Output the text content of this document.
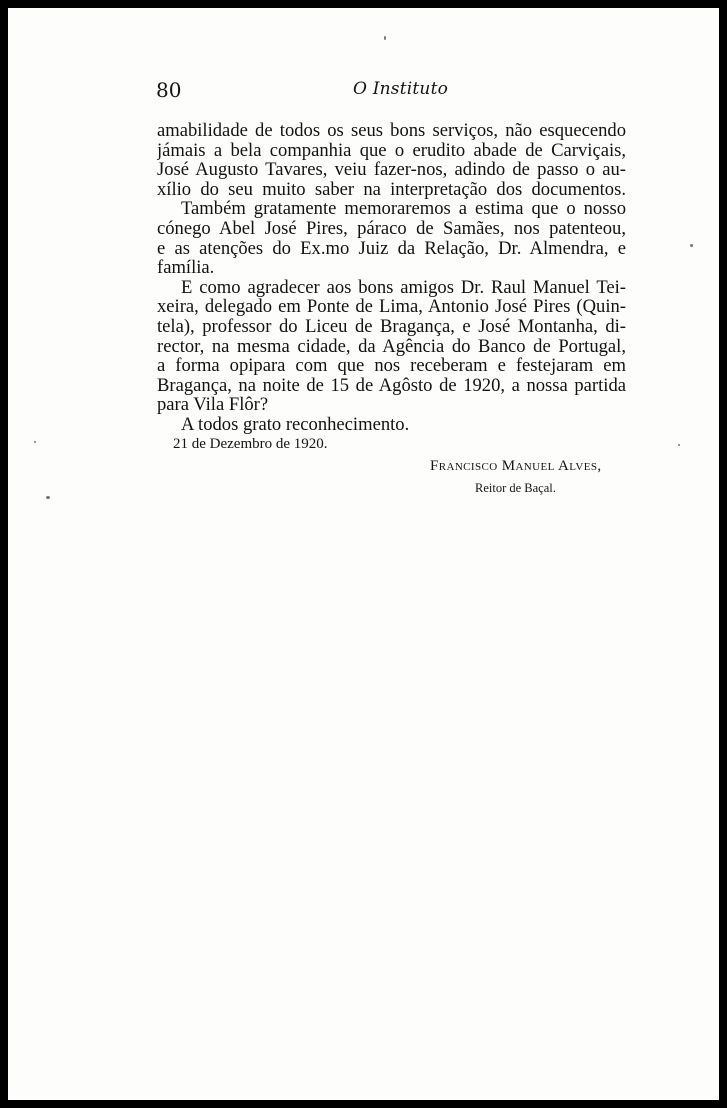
80	O Instituto
amabilidade de todos os seus bons serviços, não esquecendo
jámais a bela companhia que o erudito abade de Carviçais,
José Augusto Tavares, veiu fazer-nos, adindo de passo o au-
xílio do seu muito saber na interpretação dos documentos.
Também gratamente memoraremos a estima que o nosso
cónego Abel José Pires, páraco de Samães, nos patenteou,
e as atenções do Ex.mo Juiz da Relação, Dr. Almendra, e
família.
E como agradecer aos bons amigos Dr. Raul Manuel Tei-
xeira, delegado em Ponte de Lima, Antonio José Pires (Quin-
tela), professor do Liceu de Bragança, e José Montanha, di-
rector, na mesma cidade, da Agência do Banco de Portugal,
a forma opipara com que nos receberam e festejaram em
Bragança, na noite de 15 de Agôsto de 1920, a nossa partida
para Vila Flôr?
A todos grato reconhecimento.
21 de Dezembro de 1920.
Francisco Manuel Alves,
Reitor de Baçal.
